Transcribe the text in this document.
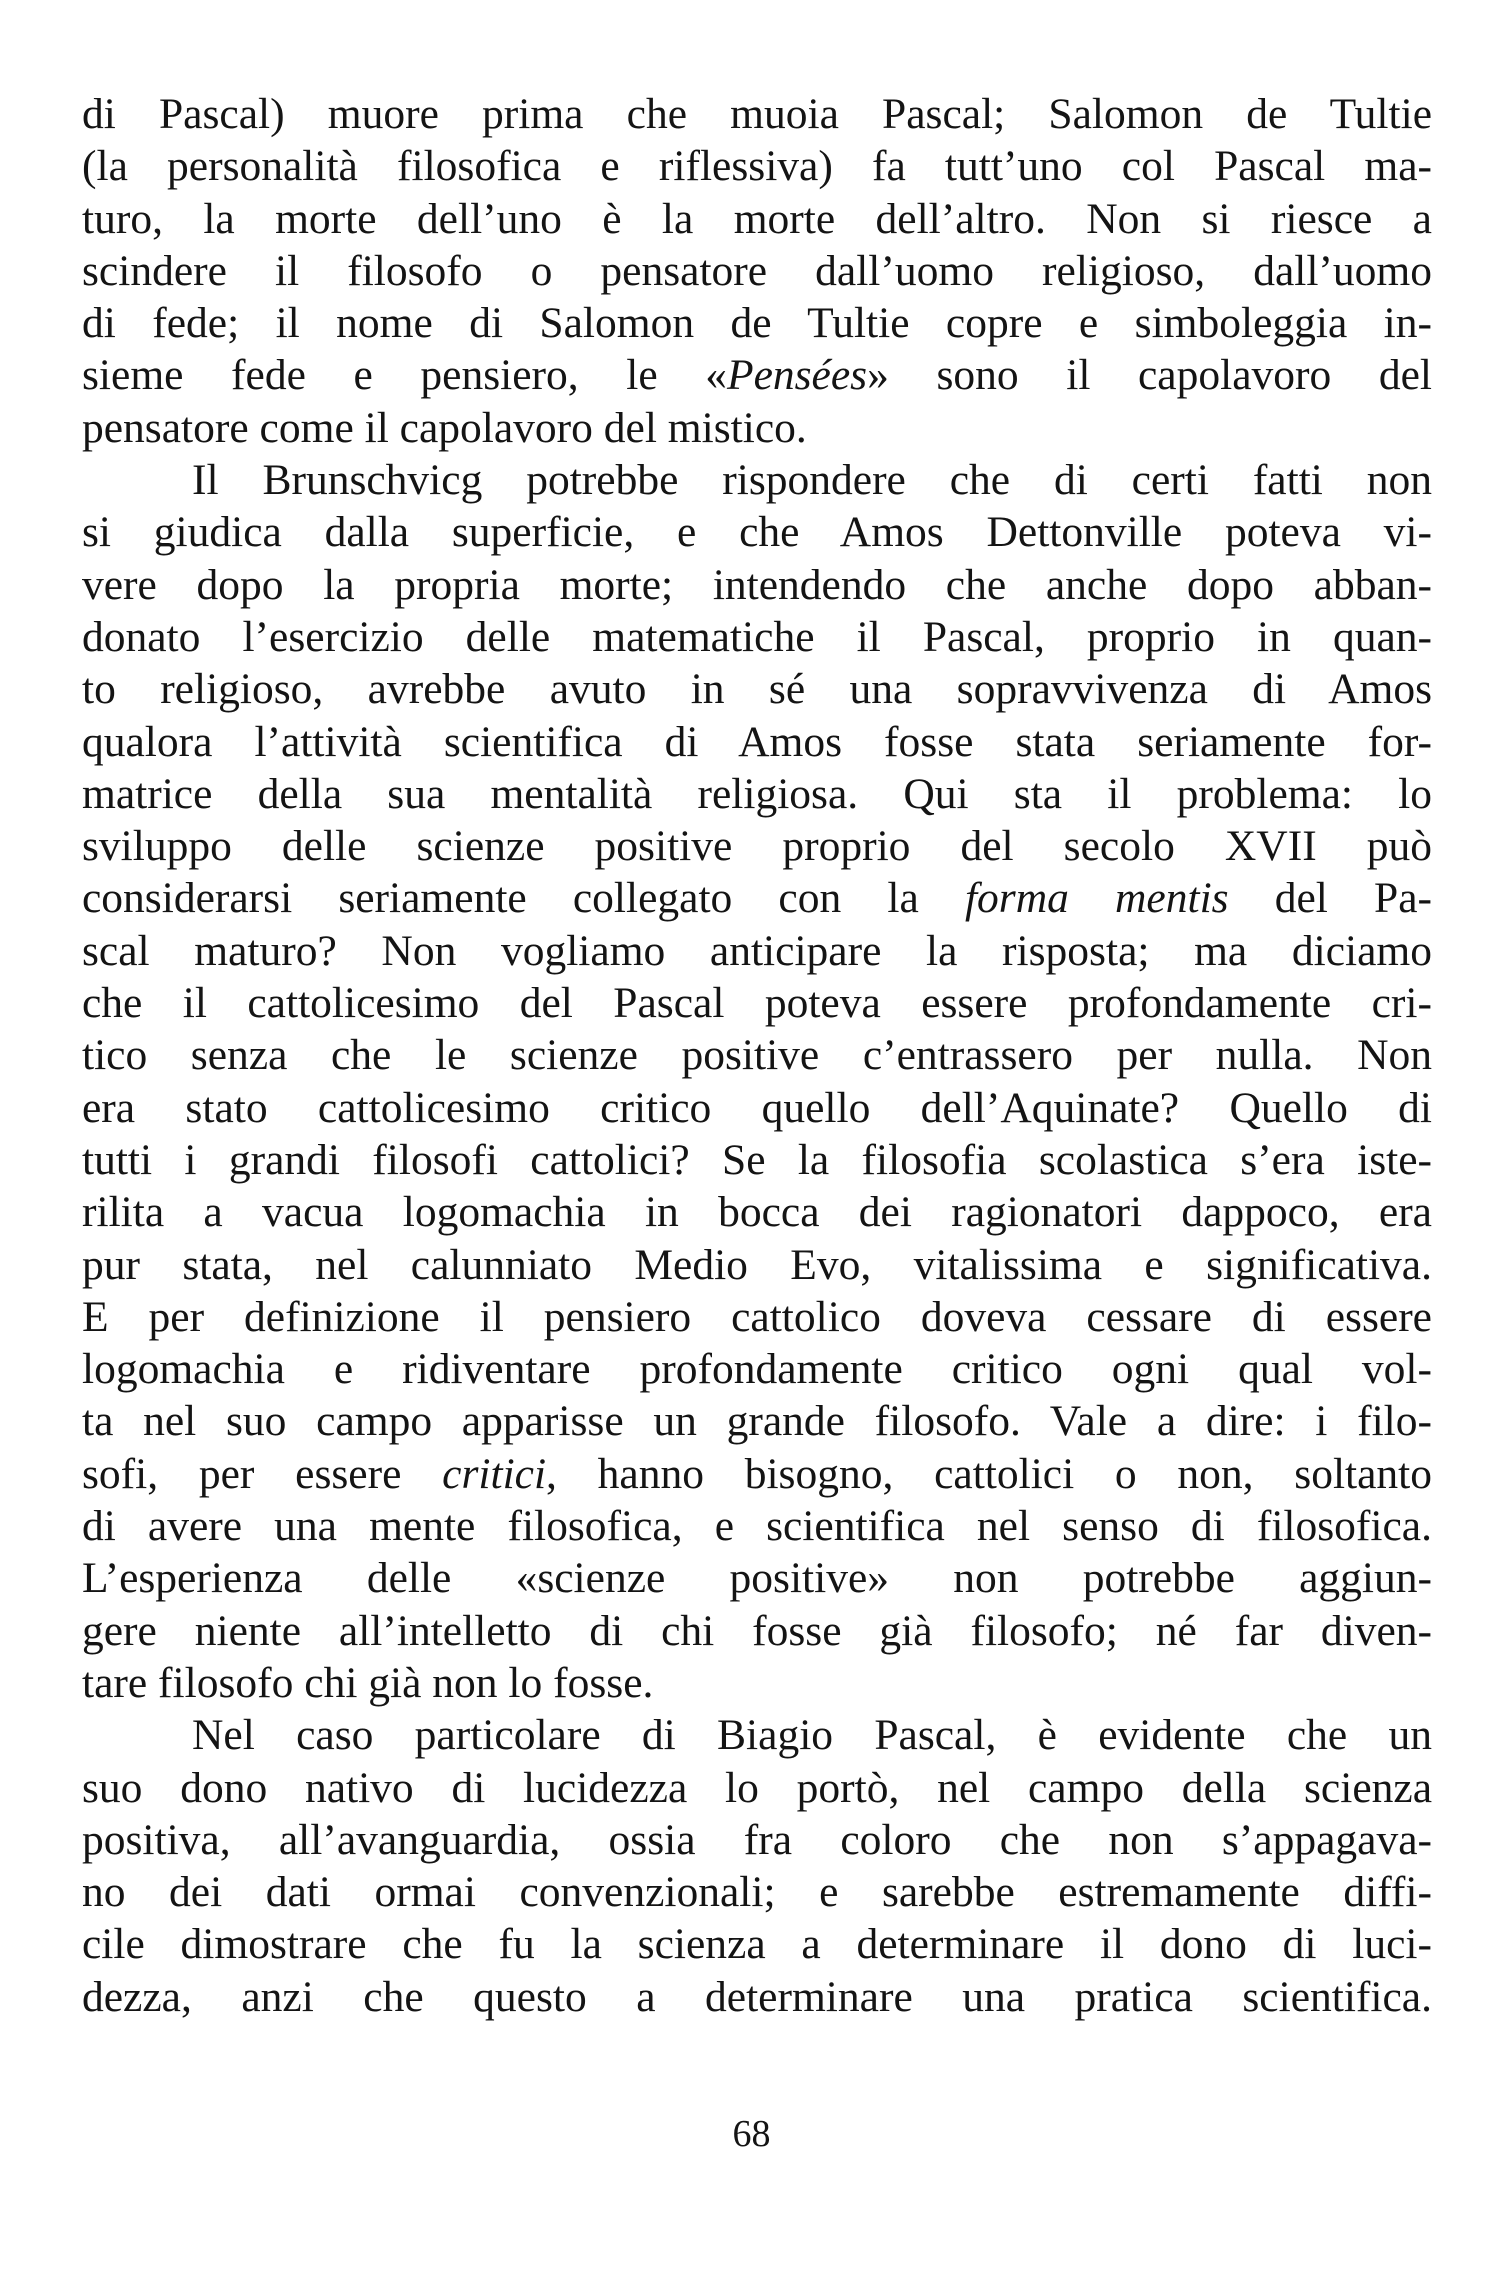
di Pascal) muore prima che muoia Pascal; Salomon de Tultie
(la personalità filosofica e riflessiva) fa tutt’uno col Pascal ma-
turo, la morte dell’uno è la morte dell’altro. Non si riesce a
scindere il filosofo o pensatore dall’uomo religioso, dall’uomo
di fede; il nome di Salomon de Tultie copre e simboleggia in-
sieme fede e pensiero, le «Pensées» sono il capolavoro del
pensatore come il capolavoro del mistico.
Il Brunschvicg potrebbe rispondere che di certi fatti non
si giudica dalla superficie, e che Amos Dettonville poteva vi-
vere dopo la propria morte; intendendo che anche dopo abban-
donato l’esercizio delle matematiche il Pascal, proprio in quan-
to religioso, avrebbe avuto in sé una sopravvivenza di Amos
qualora l’attività scientifica di Amos fosse stata seriamente for-
matrice della sua mentalità religiosa. Qui sta il problema: lo
sviluppo delle scienze positive proprio del secolo XVII può
considerarsi seriamente collegato con la forma mentis del Pa-
scal maturo? Non vogliamo anticipare la risposta; ma diciamo
che il cattolicesimo del Pascal poteva essere profondamente cri-
tico senza che le scienze positive c’entrassero per nulla. Non
era stato cattolicesimo critico quello dell’Aquinate? Quello di
tutti i grandi filosofi cattolici? Se la filosofia scolastica s’era iste-
rilita a vacua logomachia in bocca dei ragionatori dappoco, era
pur stata, nel calunniato Medio Evo, vitalissima e significativa.
E per definizione il pensiero cattolico doveva cessare di essere
logomachia e ridiventare profondamente critico ogni qual vol-
ta nel suo campo apparisse un grande filosofo. Vale a dire: i filo-
sofi, per essere critici, hanno bisogno, cattolici o non, soltanto
di avere una mente filosofica, e scientifica nel senso di filosofica.
L’esperienza delle «scienze positive» non potrebbe aggiun-
gere niente all’intelletto di chi fosse già filosofo; né far diven-
tare filosofo chi già non lo fosse.
Nel caso particolare di Biagio Pascal, è evidente che un
suo dono nativo di lucidezza lo portò, nel campo della scienza
positiva, all’avanguardia, ossia fra coloro che non s’appagava-
no dei dati ormai convenzionali; e sarebbe estremamente diffi-
cile dimostrare che fu la scienza a determinare il dono di luci-
dezza, anzi che questo a determinare una pratica scientifica.
68
